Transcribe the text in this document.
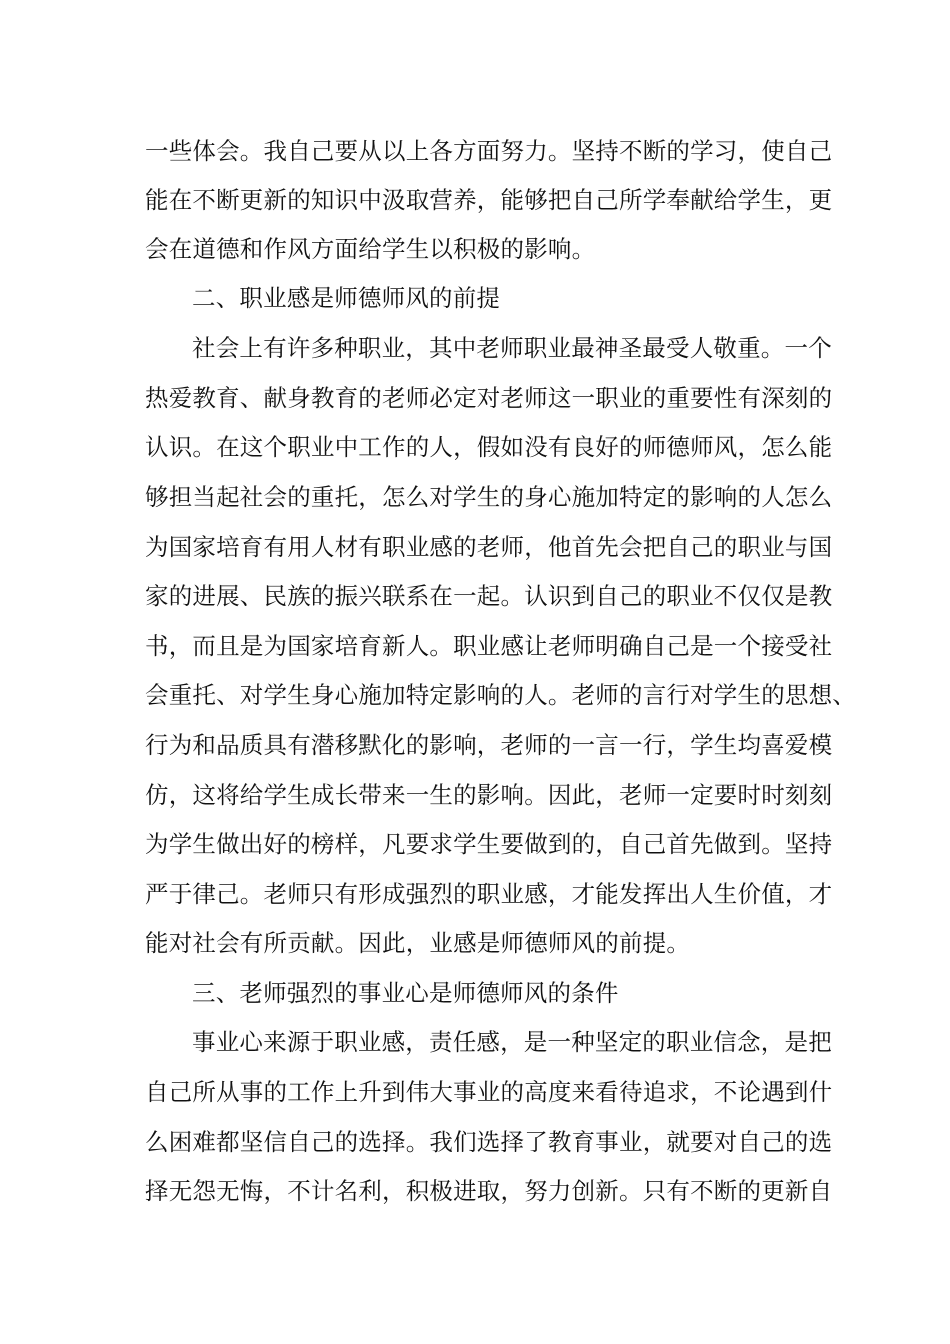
一些体会。我自己要从以上各方面努力。坚持不断的学习，使自己
能在不断更新的知识中汲取营养，能够把自己所学奉献给学生，更
会在道德和作风方面给学生以积极的影响。
二、职业感是师德师风的前提
社会上有许多种职业，其中老师职业最神圣最受人敬重。一个
热爱教育、献身教育的老师必定对老师这一职业的重要性有深刻的
认识。在这个职业中工作的人，假如没有良好的师德师风，怎么能
够担当起社会的重托，怎么对学生的身心施加特定的影响的人怎么
为国家培育有用人材有职业感的老师，他首先会把自己的职业与国
家的进展、民族的振兴联系在一起。认识到自己的职业不仅仅是教
书，而且是为国家培育新人。职业感让老师明确自己是一个接受社
会重托、对学生身心施加特定影响的人。老师的言行对学生的思想、
行为和品质具有潜移默化的影响，老师的一言一行，学生均喜爱模
仿，这将给学生成长带来一生的影响。因此，老师一定要时时刻刻
为学生做出好的榜样，凡要求学生要做到的，自己首先做到。坚持
严于律己。老师只有形成强烈的职业感，才能发挥出人生价值，才
能对社会有所贡献。因此，业感是师德师风的前提。
三、老师强烈的事业心是师德师风的条件
事业心来源于职业感，责任感，是一种坚定的职业信念，是把
自己所从事的工作上升到伟大事业的高度来看待追求，不论遇到什
么困难都坚信自己的选择。我们选择了教育事业，就要对自己的选
择无怨无悔，不计名利，积极进取，努力创新。只有不断的更新自
